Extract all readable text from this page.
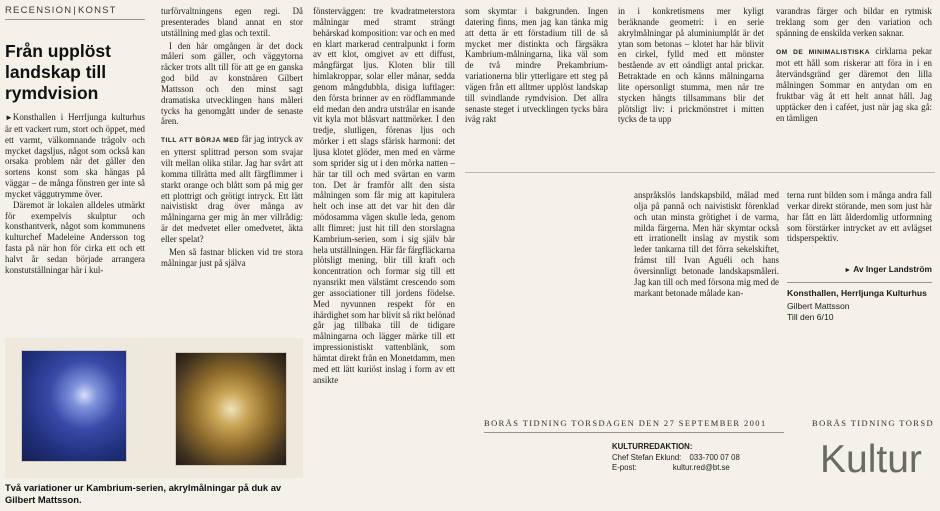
RECENSION|KONST
Från upplöst landskap till rymdvision

►Konsthallen i Herrljunga kulturhus är ett vackert rum, stort och öppet, med ett varmt, välkomnande trägolv och mycket dagsljus, något som också kan orsaka problem när det gäller den sortens konst som ska hängas på väggar – de många fönstren ger inte så mycket väggutrymme över.

Däremot är lokalen alldeles utmärkt för exempelvis skulptur och konsthantverk, något som kommunens kulturchef Madeleine Andersson tog fasta på när hon för cirka ett och ett halvt år sedan började arrangera konstutställningar här i kul-

turförvaltningens egen regi. Då presenterades bland annat en stor utställning med glas och textil.

I den här omgången är det dock måleri som gäller, och väggytorna räcker trots allt till för att ge en ganska god bild av konstnären Gilbert Mattsson och den minst sagt dramatiska utvecklingen hans måleri tycks ha genomgått under de senaste åren.

TILL ATT BÖRJA MED får jag intryck av en ytterst splittrad person som svajar vilt mellan olika stilar. Jag har svårt att komma tillrätta med allt färgflimmer i starkt orange och blått som på mig ger ett plottrigt och grötigt intryck. Ett lätt naivistiskt drag över många av målningarna ger mig än mer villrådig: är det medvetet eller omedvetet, äkta eller spelat?

Men så fastnar blicken vid tre stora målningar just på själva

Två variationer ur Kambrium-serien, akrylmålningar på duk av Gilbert Mattsson.
fönsterväggen: tre kvadratmeterstora målningar med stramt strängt behärskad komposition: var och en med en klart markerad centralpunkt i form av ett klot, omgivet av ett diffust, mångfärgat ljus. Kloten blir till himlakroppar, solar eller månar, sedda genom mångdubbla, disiga luftlager: den första brinner av en rödflammande eld medan den andra utstrålar en isande vit kyla mot blåsvart nattmörker. I den tredje, slutligen, förenas ljus och mörker i ett slags sfärisk harmoni: det ljusa klotet glöder, men med en värme som sprider sig ut i den mörka natten – här tar till och med svärtan en varm ton. Det är framför allt den sista målningen som får mig att kapitulera helt och inse att det var hit den där mödosamma vägen skulle leda, genom allt flimret: just hit till den storslagna Kambrium-serien, som i sig själv bär hela utställningen. Här får färgfläckarna plötsligt mening, blir till kraft och koncentration och formar sig till ett nyansrikt men välstämt crescendo som ger associationer till jordens födelse. Med nyvunnen respekt för en ihärdighet som har blivit så rikt belönad går jag tillbaka till de tidigare målningarna och lägger märke till ett impressionistiskt vattenblänk, som hämtat direkt från en Monetdamm, men med ett lätt kuriöst inslag i form av ett ansikte
som skymtar i bakgrunden. Ingen datering finns, men jag kan tänka mig att detta är ett förstadium till de så mycket mer distinkta och färgsäkra Kambrium-målningarna, lika väl som de två mindre Prekambrium-variationerna blir ytterligare ett steg på vägen från ett alltmer upplöst landskap till svindlande rymdvision. Det allra senaste steget i utvecklingen tycks bära iväg rakt
in i konkretismens mer kyligt beräknande geometri: i en serie akrylmålningar på aluminiumplåt är det ytan som betonas – klotet har här blivit en cirkel, fylld med ett mönster bestående av ett oändligt antal prickar. Betraktade en och känns målningarna lite opersonligt stumma, men när tre stycken hängts tillsammans blir det plötsligt liv: i prickmönstret i mitten tycks de ta upp

varandras färger och bildar en rytmisk treklang som ger den variation och spänning de enskilda verken saknar.

OM DE MINIMALISTISKA cirklarna pekar mot ett håll som riskerar att föra in i en återvändsgränd ger däremot den lilla målningen Sommar en antydan om en fruktbar väg åt ett helt annat håll. Jag upptäcker den i caféet, just när jag ska gå: en tämligen

anspråkslös landskapsbild, målad med olja på pannå och naivistiskt förenklad och utan minsta grötighet i de varma, milda färgerna. Men här skymtar också ett irrationellt inslag av mystik som leder tankarna till det förra sekelskiftet, främst till Ivan Aguéli och hans översinnligt betonade landskapsmåleri. Jag kan till och med försona mig med de markant betonade målade kan-
terna runt bilden som i många andra fall verkar direkt störande, men som just här har fått en lätt ålderdomlig utformning som förstärker intrycket av ett avlägset tidsperspektiv.
► Av Inger Landström
Konsthallen, Herrljunga Kulturhus
Gilbert Mattsson
Till den 6/10
BORÅS TIDNING TORSDAGEN DEN 27 SEPTEMBER 2001
KULTURREDAKTION:
Chef Stefan Eklund: 033-700 07 08
E-post:	kultur.red@bt.se
BORÅS TIDNING TORSD
Kultur
